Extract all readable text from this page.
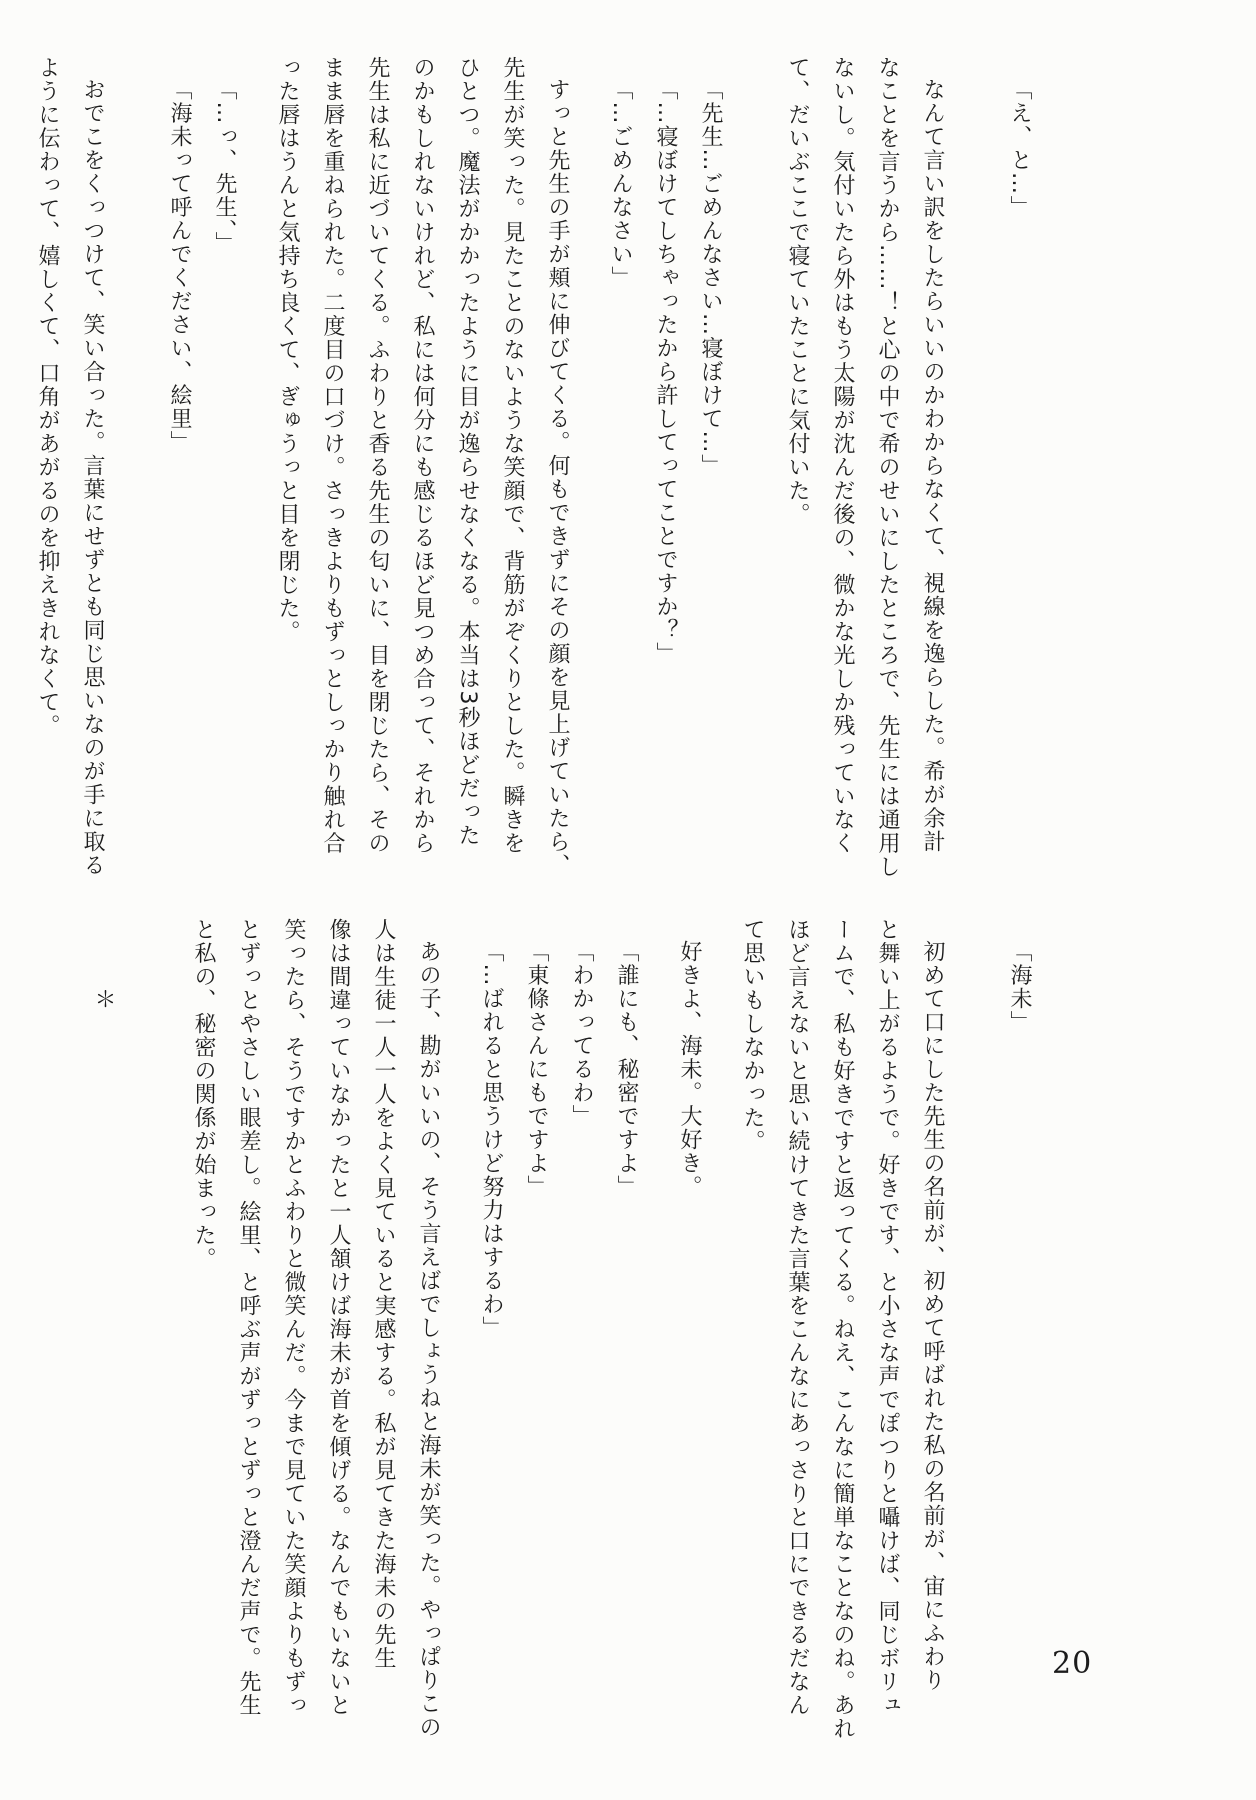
「え、と…」
なんて言い訳をしたらいいのかわからなくて、視線を逸らした。希が余計
なことを言うから……！と心の中で希のせいにしたところで、先生には通用し
ないし。気付いたら外はもう太陽が沈んだ後の、微かな光しか残っていなく
て、だいぶここで寝ていたことに気付いた。
「先生…ごめんなさい…寝ぼけて…」
「…寝ぼけてしちゃったから許してってことですか？」
「…ごめんなさい」
すっと先生の手が頬に伸びてくる。何もできずにその顔を見上げていたら、
先生が笑った。見たことのないような笑顔で、背筋がぞくりとした。瞬きを
ひとつ。魔法がかかったように目が逸らせなくなる。本当は3秒ほどだった
のかもしれないけれど、私には何分にも感じるほど見つめ合って、それから
先生は私に近づいてくる。ふわりと香る先生の匂いに、目を閉じたら、その
まま唇を重ねられた。二度目の口づけ。さっきよりもずっとしっかり触れ合
った唇はうんと気持ち良くて、ぎゅうっと目を閉じた。
「…っ、先生、」
「海未って呼んでください、絵里」
おでこをくっつけて、笑い合った。言葉にせずとも同じ思いなのが手に取る
ように伝わって、嬉しくて、口角があがるのを抑えきれなくて。
「海未」
初めて口にした先生の名前が、初めて呼ばれた私の名前が、宙にふわり
と舞い上がるようで。好きです、と小さな声でぽつりと囁けば、同じボリュ
ームで、私も好きですと返ってくる。ねえ、こんなに簡単なことなのね。あれ
ほど言えないと思い続けてきた言葉をこんなにあっさりと口にできるだなん
て思いもしなかった。
好きよ、海未。大好き。
「誰にも、秘密ですよ」
「わかってるわ」
「東條さんにもですよ」
「…ばれると思うけど努力はするわ」
あの子、勘がいいの、そう言えばでしょうねと海未が笑った。やっぱりこの
人は生徒一人一人をよく見ていると実感する。私が見てきた海未の先生
像は間違っていなかったと一人頷けば海未が首を傾げる。なんでもいないと
笑ったら、そうですかとふわりと微笑んだ。今まで見ていた笑顔よりもずっ
とずっとやさしい眼差し。絵里、と呼ぶ声がずっとずっと澄んだ声で。先生
と私の、秘密の関係が始まった。
＊
20
